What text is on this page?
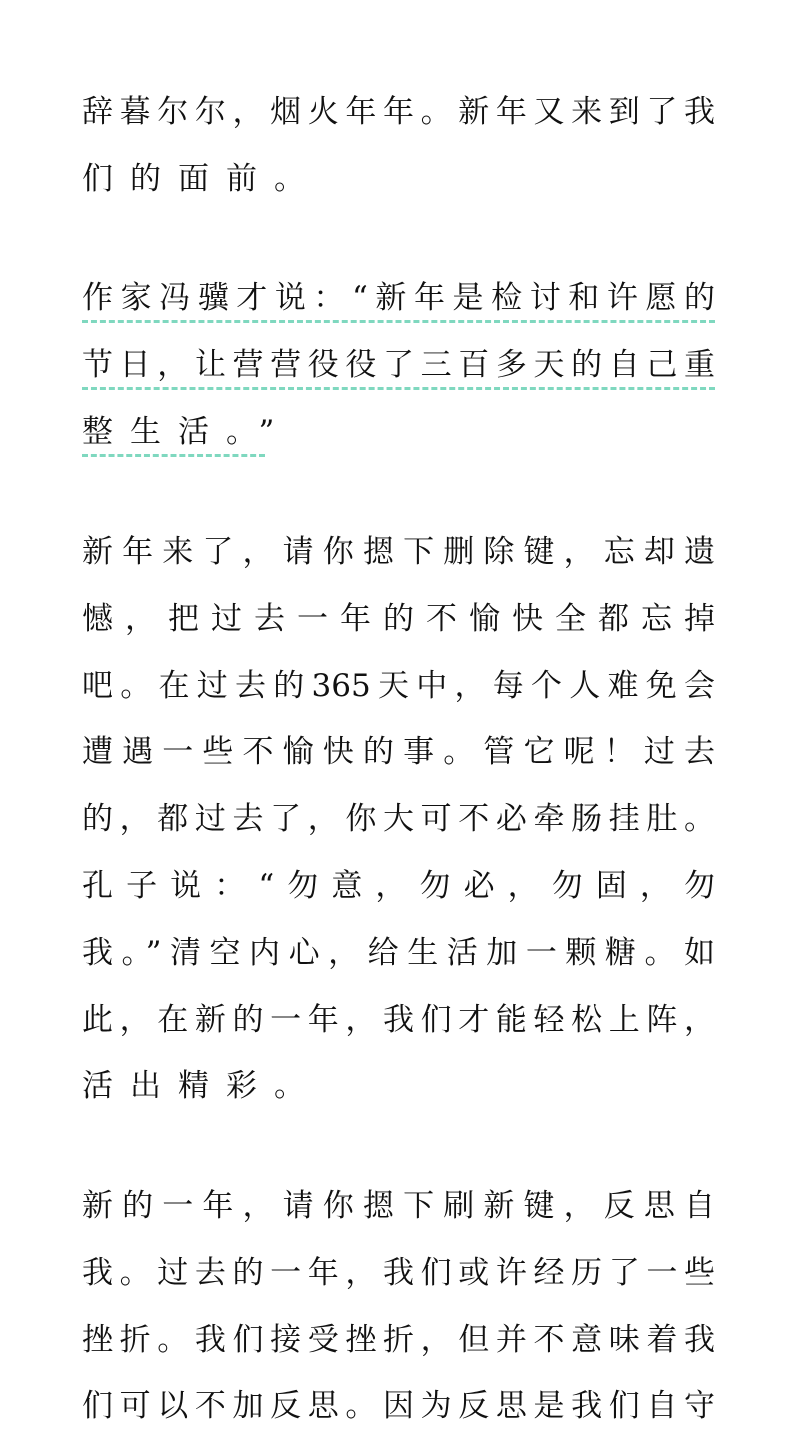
辞暮尔尔，烟火年年。新年又来到了我
们的面前。
作家冯骥才说：“新年是检讨和许愿的
节日，让营营役役了三百多天的自己重
整生活。”
新年来了，请你摁下删除键，忘却遗
憾，把过去一年的不愉快全都忘掉
吧。在过去的365天中，每个人难免会
遭遇一些不愉快的事。管它呢！过去
的，都过去了，你大可不必牵肠挂肚。
孔子说：“勿意，勿必，勿固，勿
我。”清空内心，给生活加一颗糖。如
此，在新的一年，我们才能轻松上阵，
活出精彩。
新的一年，请你摁下刷新键，反思自
我。过去的一年，我们或许经历了一些
挫折。我们接受挫折，但并不意味着我
们可以不加反思。因为反思是我们自守
